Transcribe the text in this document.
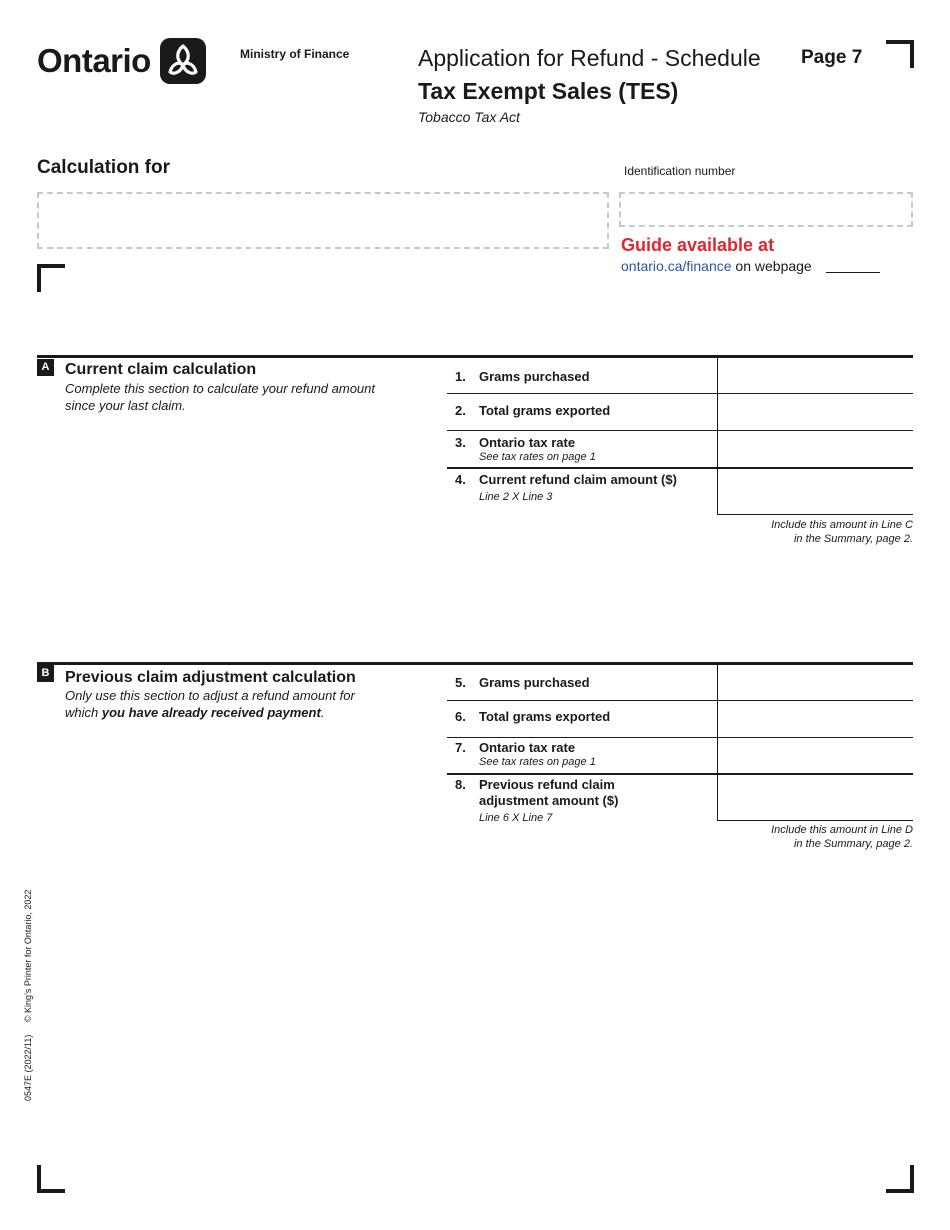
Ontario	Ministry of Finance	Application for Refund - Schedule
Tax Exempt Sales (TES)
Tobacco Tax Act
Page 7
Calculation for	Identification number
Guide available at
ontario.ca/finance on webpage
A Current claim calculation
Complete this section to calculate your refund amount since your last claim.
1. Grams purchased
2. Total grams exported
3. Ontario tax rate
See tax rates on page 1
4. Current refund claim amount ($)
Line 2 X Line 3
Include this amount in Line C
in the Summary, page 2.
B Previous claim adjustment calculation
Only use this section to adjust a refund amount for which you have already received payment.
5. Grams purchased
6. Total grams exported
7. Ontario tax rate
See tax rates on page 1
8. Previous refund claim adjustment amount ($)
Line 6 X Line 7
Include this amount in Line D
in the Summary, page 2.
0547E (2022/11)     © King’s Printer for Ontario, 2022
